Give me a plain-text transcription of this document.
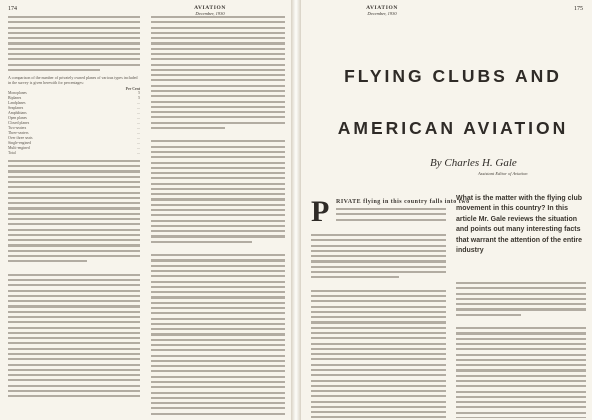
174	AVIATION
December, 1930
A comparison of the number of privately owned planes of various types included in the survey is given herewith for percentages:
	Per Cent
Monoplanes	5
Biplanes	5
Landplanes	...
Seaplanes	...
Amphibians	...
Open planes	...
Closed planes	...
Two-seaters	...
Three-seaters	...
Over three seats	...
Single-engined	...
Multi-engined	...
Total	...
AVIATION
December, 1930
175
FLYING CLUBS AND
AMERICAN AVIATION
By Charles H. Gale
Assistant Editor of Aviation
P RIVATE flying in this country falls into two
What is the matter with the flying club movement in this country? In this article Mr. Gale reviews the situation and points out many interesting facts that warrant the attention of the entire industry
